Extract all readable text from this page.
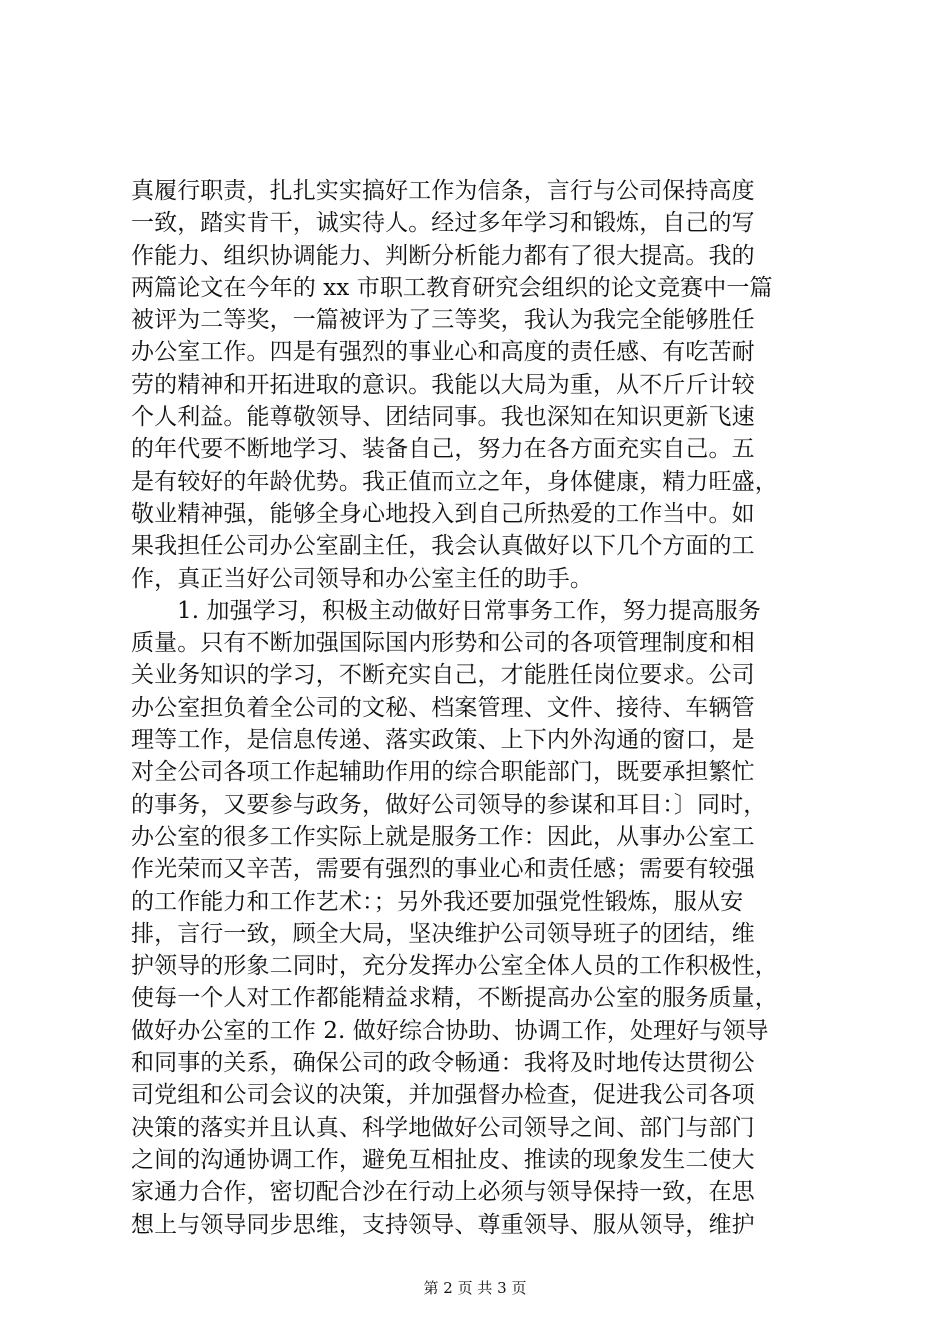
真履行职责，扎扎实实搞好工作为信条，言行与公司保持高度
一致，踏实肯干，诚实待人。经过多年学习和锻炼，自己的写
作能力、组织协调能力、判断分析能力都有了很大提高。我的
两篇论文在今年的 xx 市职工教育研究会组织的论文竞赛中一篇
被评为二等奖，一篇被评为了三等奖，我认为我完全能够胜任
办公室工作。四是有强烈的事业心和高度的责任感、有吃苦耐
劳的精神和开拓进取的意识。我能以大局为重，从不斤斤计较
个人利益。能尊敬领导、团结同事。我也深知在知识更新飞速
的年代要不断地学习、装备自己，努力在各方面充实自己。五
是有较好的年龄优势。我正值而立之年，身体健康，精力旺盛，
敬业精神强，能够全身心地投入到自己所热爱的工作当中。如
果我担任公司办公室副主任，我会认真做好以下几个方面的工
作，真正当好公司领导和办公室主任的助手。
1. 加强学习，积极主动做好日常事务工作，努力提高服务
质量。只有不断加强国际国内形势和公司的各项管理制度和相
关业务知识的学习，不断充实自己，才能胜任岗位要求。公司
办公室担负着全公司的文秘、档案管理、文件、接待、车辆管
理等工作，是信息传递、落实政策、上下内外沟通的窗口，是
对全公司各项工作起辅助作用的综合职能部门，既要承担繁忙
的事务，又要参与政务，做好公司领导的参谋和耳目：〕同时，
办公室的很多工作实际上就是服务工作：因此，从事办公室工
作光荣而又辛苦，需要有强烈的事业心和责任感；需要有较强
的工作能力和工作艺术：；另外我还要加强党性锻炼，服从安
排，言行一致，顾全大局，坚决维护公司领导班子的团结，维
护领导的形象二同时，充分发挥办公室全体人员的工作积极性，
使每一个人对工作都能精益求精，不断提高办公室的服务质量，
做好办公室的工作 2. 做好综合协助、协调工作，处理好与领导
和同事的关系，确保公司的政令畅通：我将及时地传达贯彻公
司党组和公司会议的决策，并加强督办检查，促进我公司各项
决策的落实并且认真、科学地做好公司领导之间、部门与部门
之间的沟通协调工作，避免互相扯皮、推读的现象发生二使大
家通力合作，密切配合沙在行动上必须与领导保持一致，在思
想上与领导同步思维，支持领导、尊重领导、服从领导，维护
第 2 页 共 3 页
